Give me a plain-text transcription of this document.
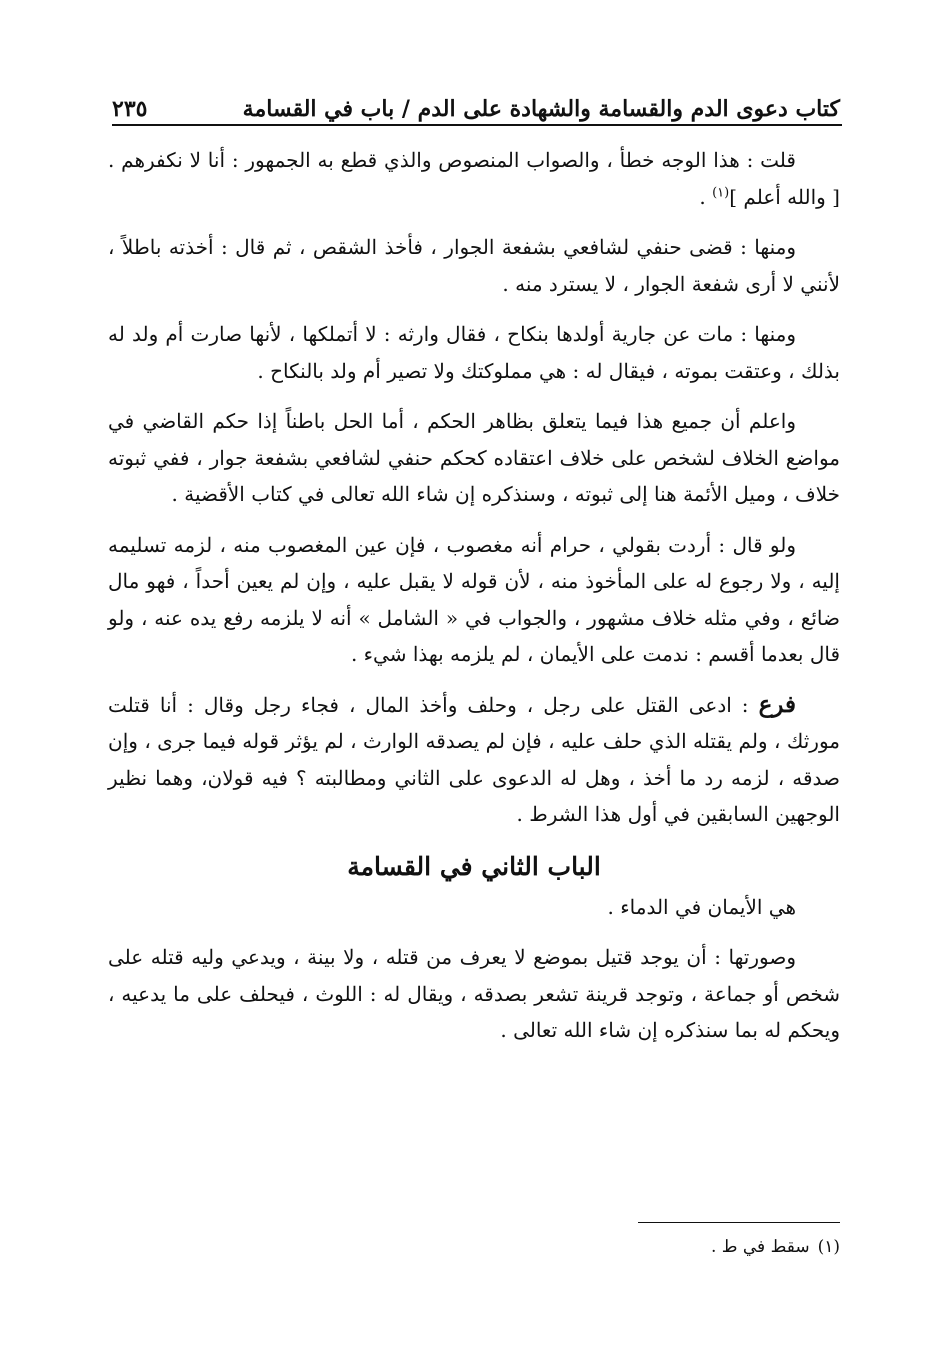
كتاب دعوى الدم والقسامة والشهادة على الدم / باب في القسامة
٢٣٥

قلت : هذا الوجه خطأ ، والصواب المنصوص والذي قطع به الجمهور : أنا لا نكفرهم . [ والله أعلم ]$^{(١)}$ .

ومنها : قضى حنفي لشافعي بشفعة الجوار ، فأخذ الشقص ، ثم قال : أخذته باطلاً ، لأنني لا أرى شفعة الجوار ، لا يسترد منه .

ومنها : مات عن جارية أولدها بنكاح ، فقال وارثه : لا أتملكها ، لأنها صارت أم ولد له بذلك ، وعتقت بموته ، فيقال له : هي مملوكتك ولا تصير أم ولد بالنكاح .

واعلم أن جميع هذا فيما يتعلق بظاهر الحكم ، أما الحل باطناً إذا حكم القاضي في مواضع الخلاف لشخص على خلاف اعتقاده كحكم حنفي لشافعي بشفعة جوار ، ففي ثبوته خلاف ، وميل الأئمة هنا إلى ثبوته ، وسنذكره إن شاء الله تعالى في كتاب الأقضية .

ولو قال : أردت بقولي ، حرام أنه مغصوب ، فإن عين المغصوب منه ، لزمه تسليمه إليه ، ولا رجوع له على المأخوذ منه ، لأن قوله لا يقبل عليه ، وإن لم يعين أحداً ، فهو مال ضائع ، وفي مثله خلاف مشهور ، والجواب في « الشامل » أنه لا يلزمه رفع يده عنه ، ولو قال بعدما أقسم : ندمت على الأيمان ، لم يلزمه بهذا شيء .

فرع : ادعى القتل على رجل ، وحلف وأخذ المال ، فجاء رجل وقال : أنا قتلت مورثك ، ولم يقتله الذي حلف عليه ، فإن لم يصدقه الوارث ، لم يؤثر قوله فيما جرى ، وإن صدقه ، لزمه رد ما أخذ ، وهل له الدعوى على الثاني ومطالبته ؟ فيه قولان، وهما نظير الوجهين السابقين في أول هذا الشرط .

الباب الثاني في القسامة

هي الأيمان في الدماء .

وصورتها : أن يوجد قتيل بموضع لا يعرف من قتله ، ولا بينة ، ويدعي وليه قتله على شخص أو جماعة ، وتوجد قرينة تشعر بصدقه ، ويقال له : اللوث ، فيحلف على ما يدعيه ، ويحكم له بما سنذكره إن شاء الله تعالى .

(١)سقط في ط .
